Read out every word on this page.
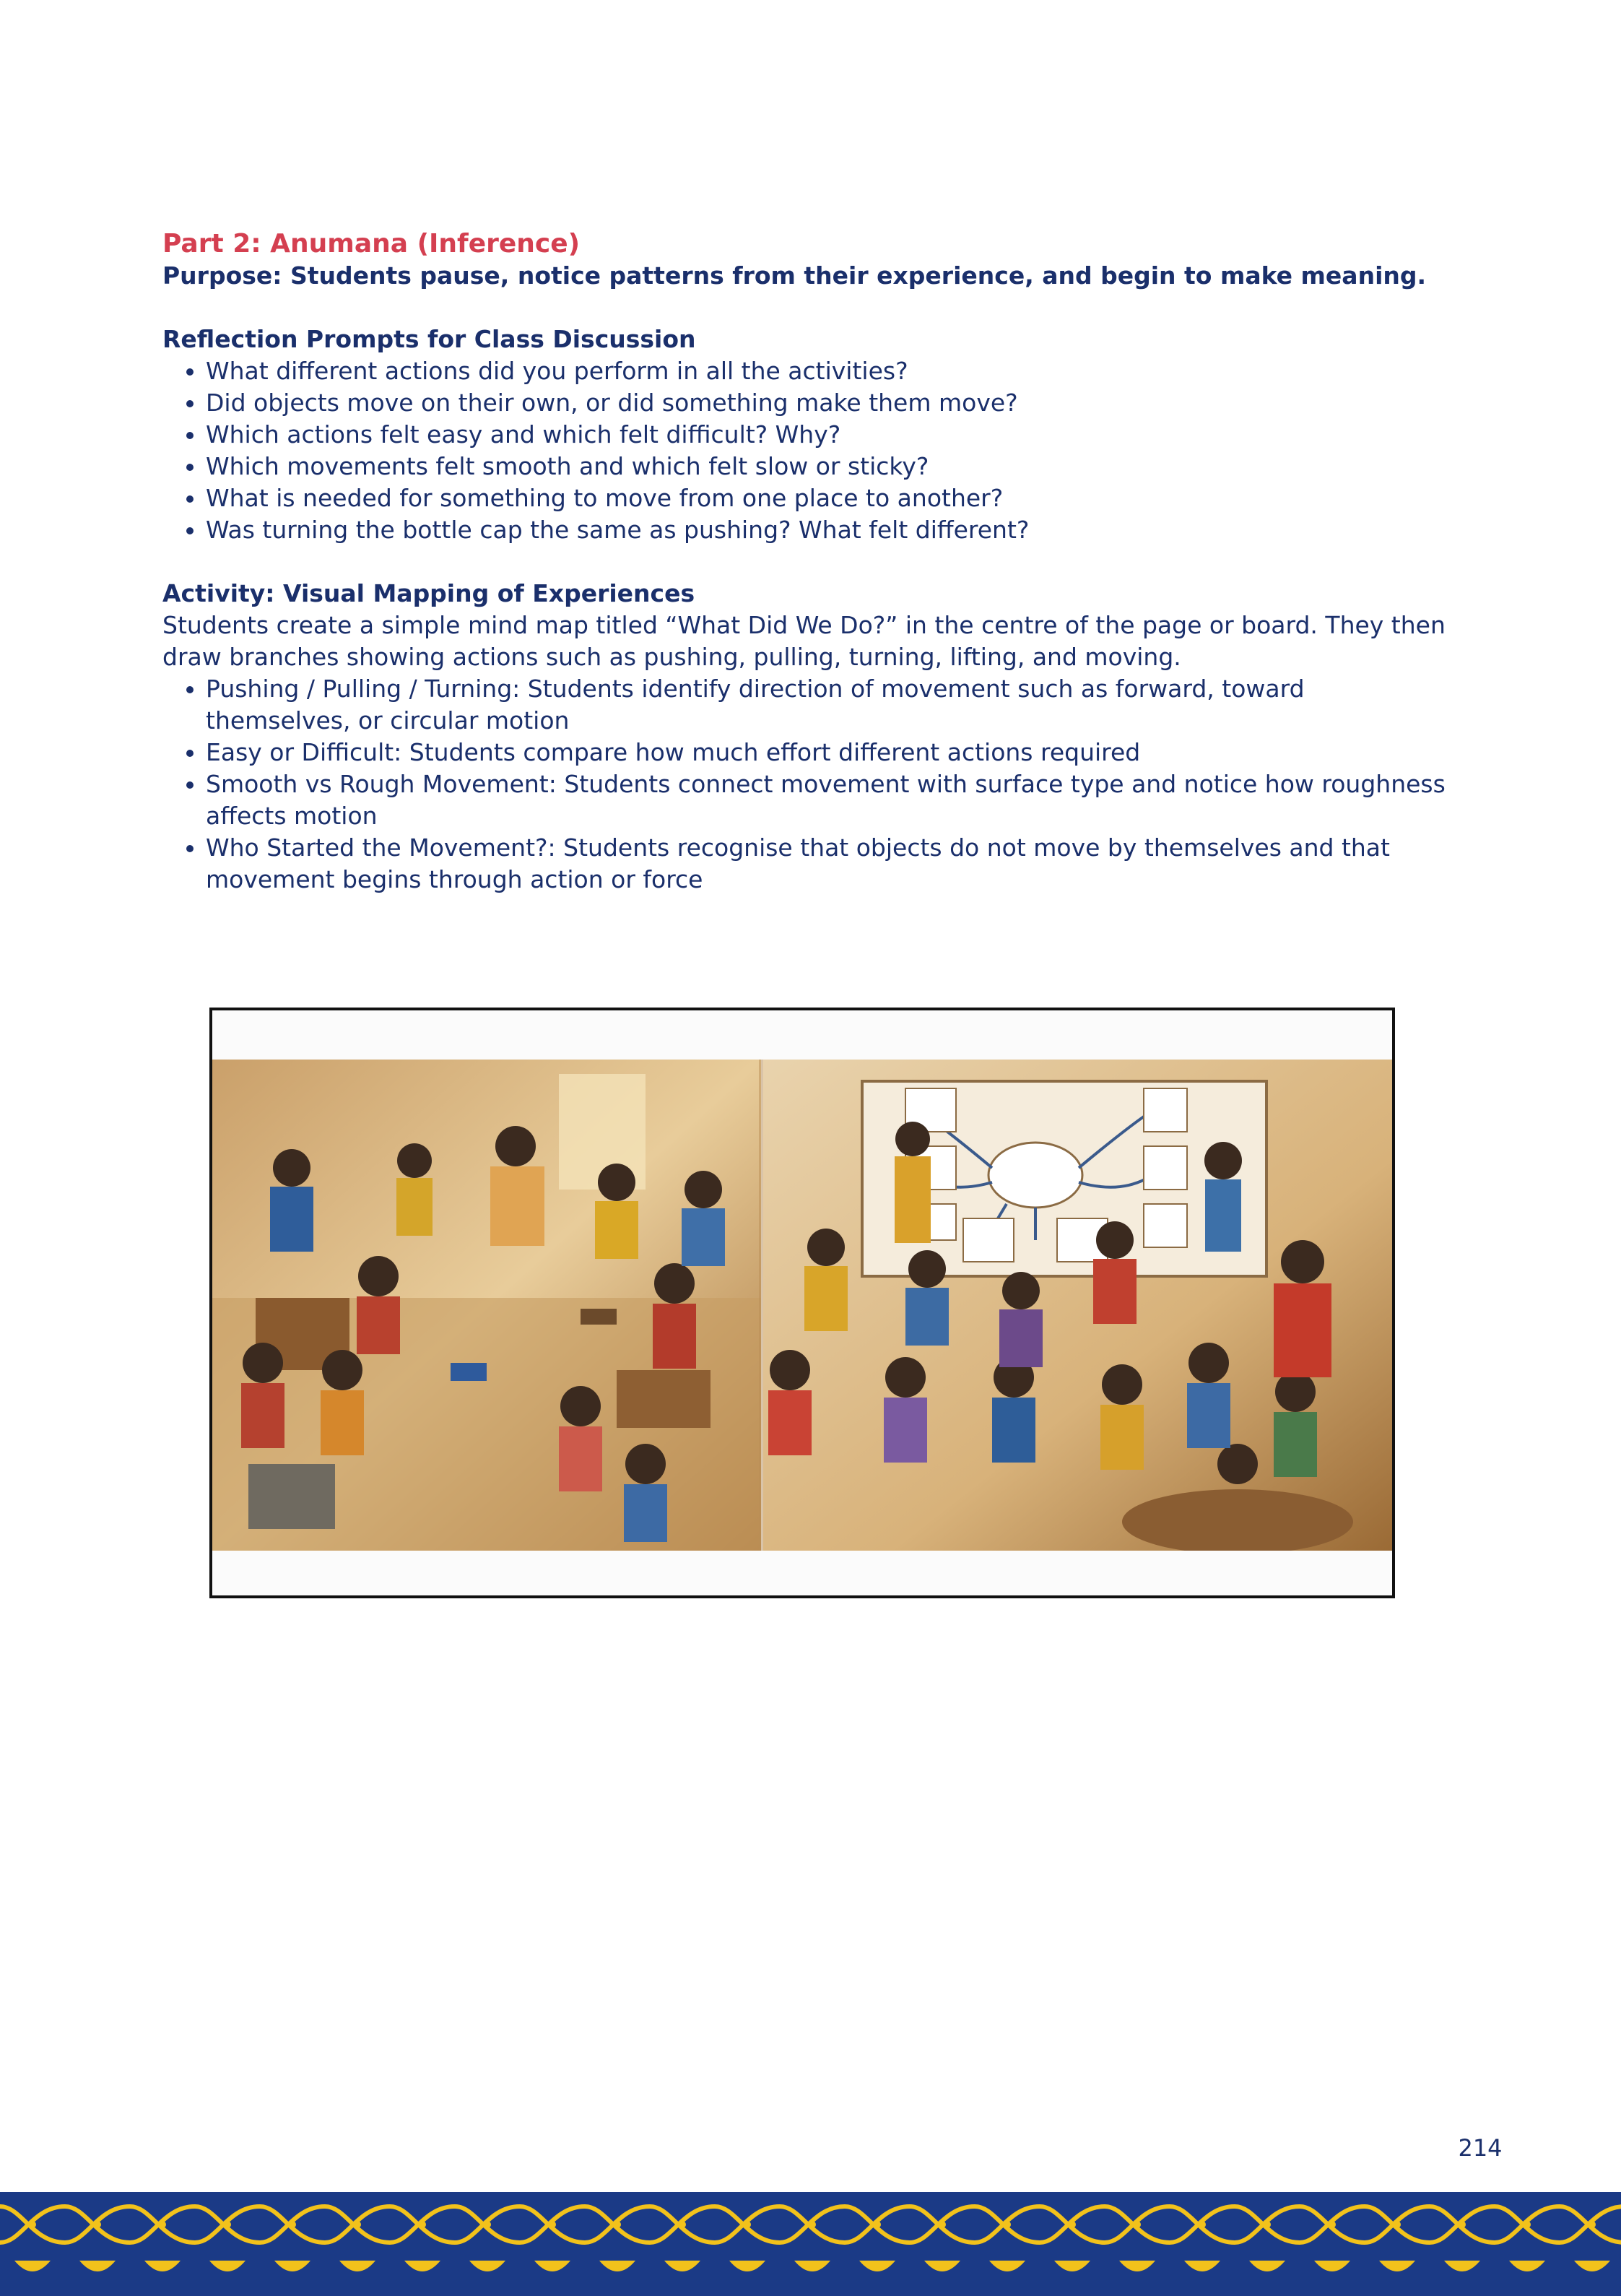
Part 2: Anumana (Inference)

Purpose: Students pause, notice patterns from their experience, and begin to make meaning.

Reflection Prompts for Class Discussion

• What different actions did you perform in all the activities?
• Did objects move on their own, or did something make them move?
• Which actions felt easy and which felt difficult? Why?
• Which movements felt smooth and which felt slow or sticky?
• What is needed for something to move from one place to another?
• Was turning the bottle cap the same as pushing? What felt different?

Activity: Visual Mapping of Experiences

Students create a simple mind map titled “What Did We Do?” in the centre of the page or board. They then draw branches showing actions such as pushing, pulling, turning, lifting, and moving.

• Pushing / Pulling / Turning: Students identify direction of movement such as forward, toward themselves, or circular motion
• Easy or Difficult: Students compare how much effort different actions required
• Smooth vs Rough Movement: Students connect movement with surface type and notice how roughness affects motion
• Who Started the Movement?: Students recognise that objects do not move by themselves and that movement begins through action or force
214
